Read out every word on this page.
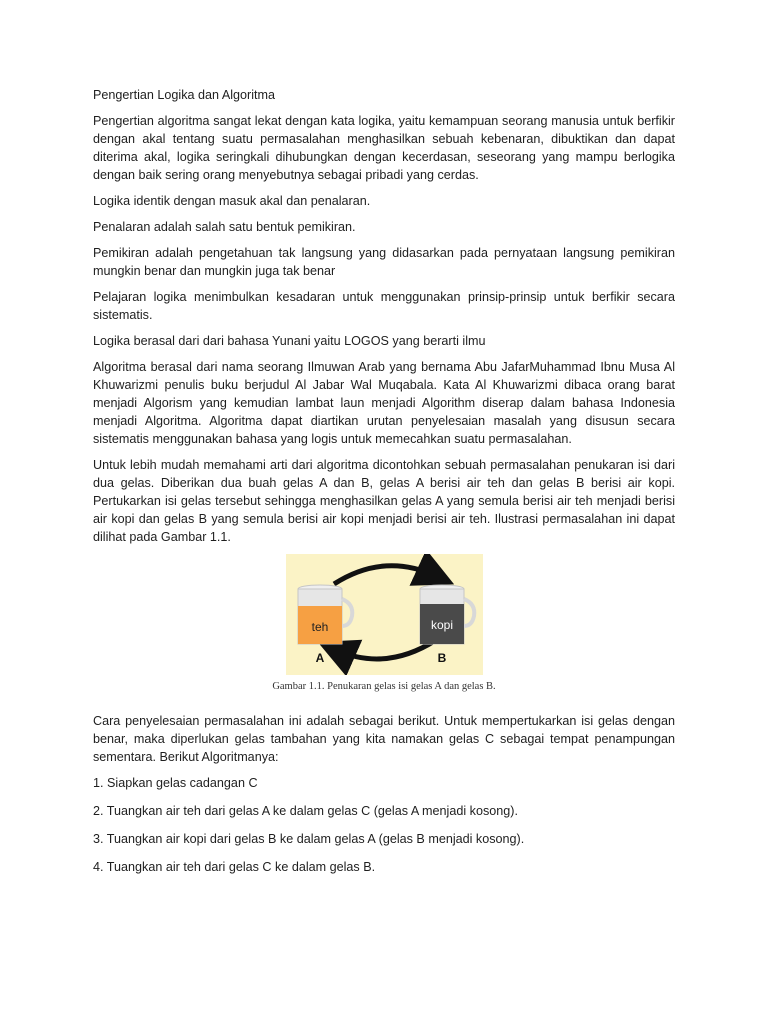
Pengertian Logika dan Algoritma

Pengertian algoritma sangat lekat dengan kata logika, yaitu kemampuan seorang manusia untuk berfikir dengan akal tentang suatu permasalahan menghasilkan sebuah kebenaran, dibuktikan dan dapat diterima akal, logika seringkali dihubungkan dengan kecerdasan, seseorang yang mampu berlogika dengan baik sering orang menyebutnya sebagai pribadi yang cerdas.

Logika identik dengan masuk akal dan penalaran.

Penalaran adalah salah satu bentuk pemikiran.

Pemikiran adalah pengetahuan tak langsung yang didasarkan pada pernyataan langsung pemikiran mungkin benar dan mungkin juga tak benar

Pelajaran logika menimbulkan kesadaran untuk menggunakan prinsip-prinsip untuk berfikir secara sistematis.

Logika berasal dari dari bahasa Yunani yaitu LOGOS yang berarti ilmu

Algoritma berasal dari nama seorang Ilmuwan Arab yang bernama Abu JafarMuhammad Ibnu Musa Al Khuwarizmi penulis buku berjudul Al Jabar Wal Muqabala. Kata Al Khuwarizmi dibaca orang barat menjadi Algorism yang kemudian lambat laun menjadi Algorithm diserap dalam bahasa Indonesia menjadi Algoritma. Algoritma dapat diartikan urutan penyelesaian masalah yang disusun secara sistematis menggunakan bahasa yang logis untuk memecahkan suatu permasalahan.

Untuk lebih mudah memahami arti dari algoritma dicontohkan sebuah permasalahan penukaran isi dari dua gelas. Diberikan dua buah gelas A dan B, gelas A berisi air teh dan gelas B berisi air kopi. Pertukarkan isi gelas tersebut sehingga menghasilkan gelas A yang semula berisi air teh menjadi berisi air kopi dan gelas B yang semula berisi air kopi menjadi berisi air teh. Ilustrasi permasalahan ini dapat dilihat pada Gambar 1.1.

teh
A
kopi
B
Gambar 1.1. Penukaran gelas isi gelas A dan gelas B.

Cara penyelesaian permasalahan ini adalah sebagai berikut. Untuk mempertukarkan isi gelas dengan benar, maka diperlukan gelas tambahan yang kita namakan gelas C sebagai tempat penampungan sementara. Berikut Algoritmanya:

1. Siapkan gelas cadangan C

2. Tuangkan air teh dari gelas A ke dalam gelas C (gelas A menjadi kosong).

3. Tuangkan air kopi dari gelas B ke dalam gelas A (gelas B menjadi kosong).

4. Tuangkan air teh dari gelas C ke dalam gelas B.
